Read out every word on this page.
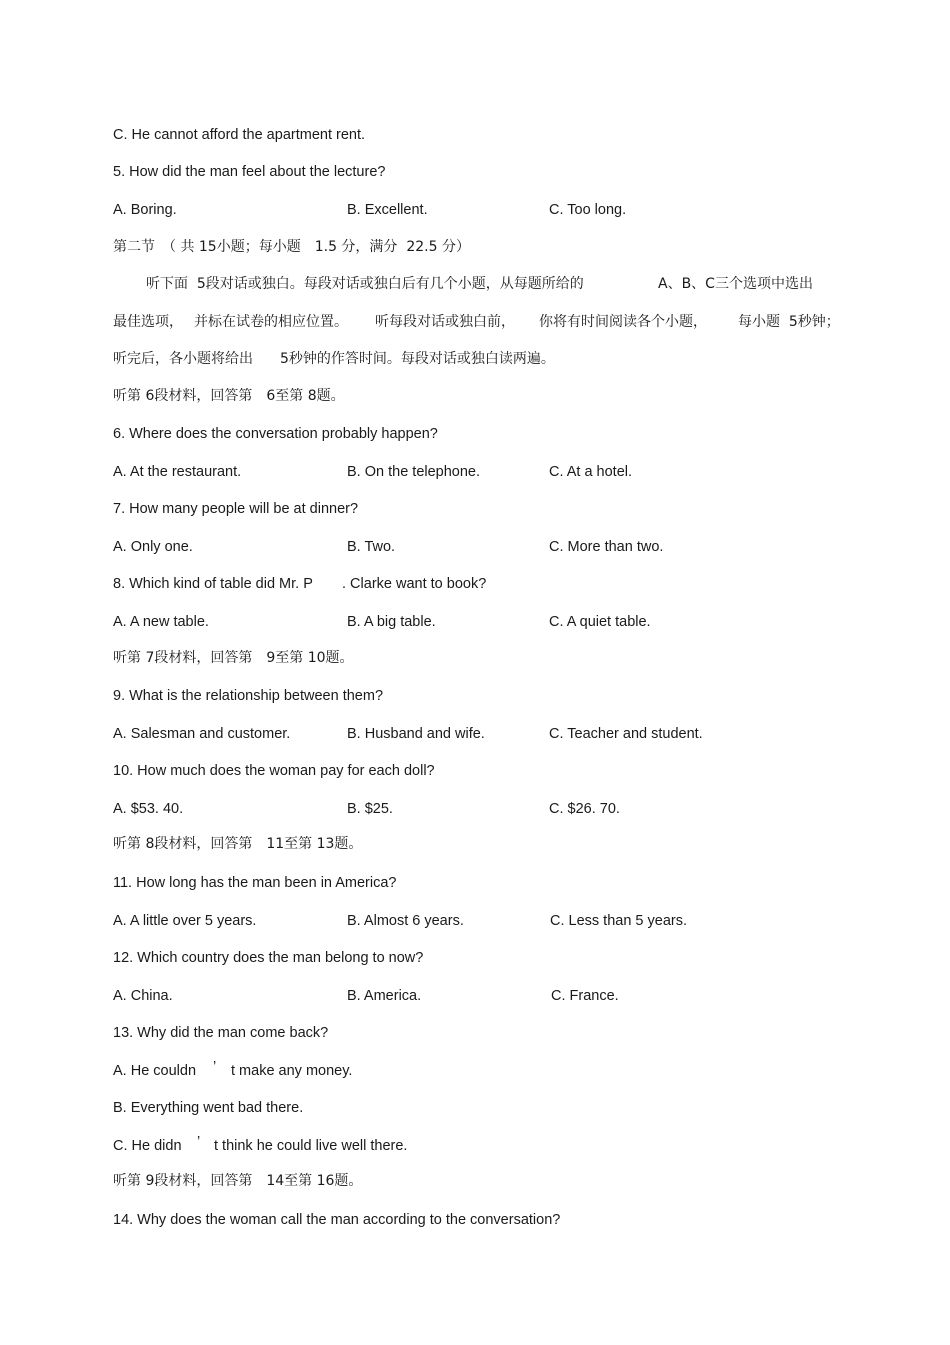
C. He cannot afford the apartment rent.
5. How did the man feel about the lecture?
A. Boring.	B. Excellent.	C. Too long.
第二节　（ 共 15小题；每小题　1.5 分，满分  22.5 分）
听下面  5段对话或独白。每段对话或独白后有几个小题，从每题所给的	A、B、C三个选项中选出
最佳选项， 并标在试卷的相应位置。 听每段对话或独白前， 你将有时间阅读各个小题， 每小题  5秒钟；
听完后，各小题将给出 5秒钟的作答时间。每段对话或独白读两遍。
听第 6段材料，回答第　6至第 8题。
6. Where does the conversation probably happen?
A. At the restaurant.	B. On the telephone.	C. At a hotel.
7. How many people will be at dinner?
A. Only one.	B. Two.	C. More than two.
8. Which kind of table did Mr. P . Clarke want to book?
A. A new table.	B. A big table.	C. A quiet table.
听第 7段材料，回答第　9至第 10题。
9. What is the relationship between them?
A. Salesman and customer.	B. Husband and wife.	C. Teacher and student.
10. How much does the woman pay for each doll?
A. $53. 40.	B. $25.	C. $26. 70.
听第 8段材料，回答第　11至第 13题。
11. How long has the man been in America?
A. A little over 5 years.	B. Almost 6 years.	C. Less than 5 years.
12. Which country does the man belong to now?
A. China.	B. America.	C. France.
13. Why did the man come back?
A. He couldn ’ t make any money.
B. Everything went bad there.
C. He didn ’ t think he could live well there.
听第 9段材料，回答第　14至第 16题。
14. Why does the woman call the man according to the conversation?
